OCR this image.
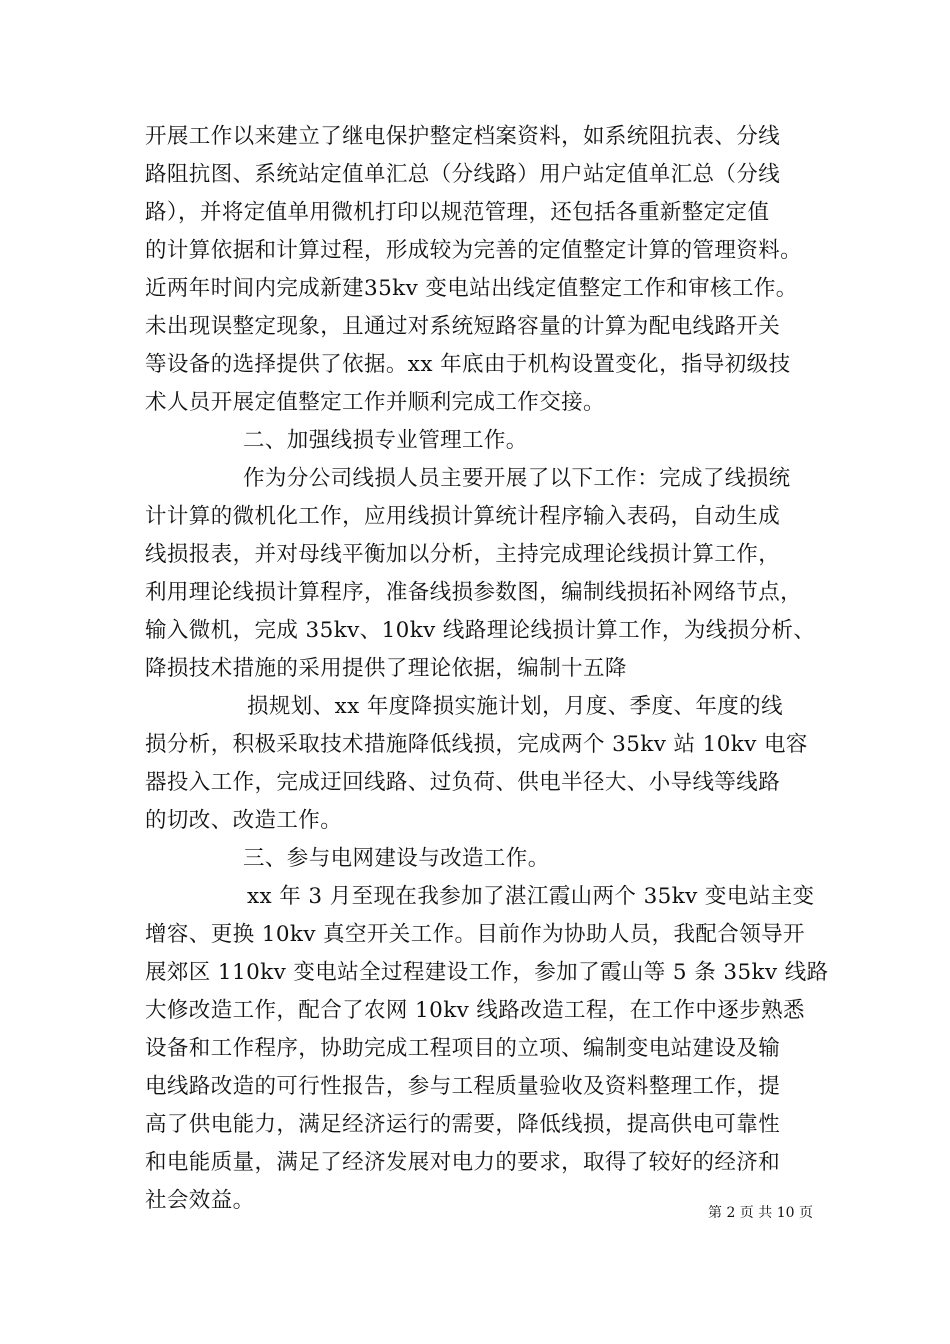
开展工作以来建立了继电保护整定档案资料，如系统阻抗表、分线
路阻抗图、系统站定值单汇总（分线路）用户站定值单汇总（分线
路），并将定值单用微机打印以规范管理，还包括各重新整定定值
的计算依据和计算过程，形成较为完善的定值整定计算的管理资料。
近两年时间内完成新建35kv 变电站出线定值整定工作和审核工作。
未出现误整定现象，且通过对系统短路容量的计算为配电线路开关
等设备的选择提供了依据。xx 年底由于机构设置变化，指导初级技
术人员开展定值整定工作并顺利完成工作交接。
二、加强线损专业管理工作。
作为分公司线损人员主要开展了以下工作：完成了线损统
计计算的微机化工作，应用线损计算统计程序输入表码，自动生成
线损报表，并对母线平衡加以分析，主持完成理论线损计算工作，
利用理论线损计算程序，准备线损参数图，编制线损拓补网络节点，
输入微机，完成 35kv、10kv 线路理论线损计算工作，为线损分析、
降损技术措施的采用提供了理论依据，编制十五降
损规划、xx 年度降损实施计划，月度、季度、年度的线
损分析，积极采取技术措施降低线损，完成两个 35kv 站 10kv 电容
器投入工作，完成迂回线路、过负荷、供电半径大、小导线等线路
的切改、改造工作。
三、参与电网建设与改造工作。
xx 年 3 月至现在我参加了湛江霞山两个 35kv 变电站主变
增容、更换 10kv 真空开关工作。目前作为协助人员，我配合领导开
展郊区 110kv 变电站全过程建设工作，参加了霞山等 5 条 35kv 线路
大修改造工作，配合了农网 10kv 线路改造工程，在工作中逐步熟悉
设备和工作程序，协助完成工程项目的立项、编制变电站建设及输
电线路改造的可行性报告，参与工程质量验收及资料整理工作，提
高了供电能力，满足经济运行的需要，降低线损，提高供电可靠性
和电能质量，满足了经济发展对电力的要求，取得了较好的经济和
社会效益。	第 2 页 共 10 页
